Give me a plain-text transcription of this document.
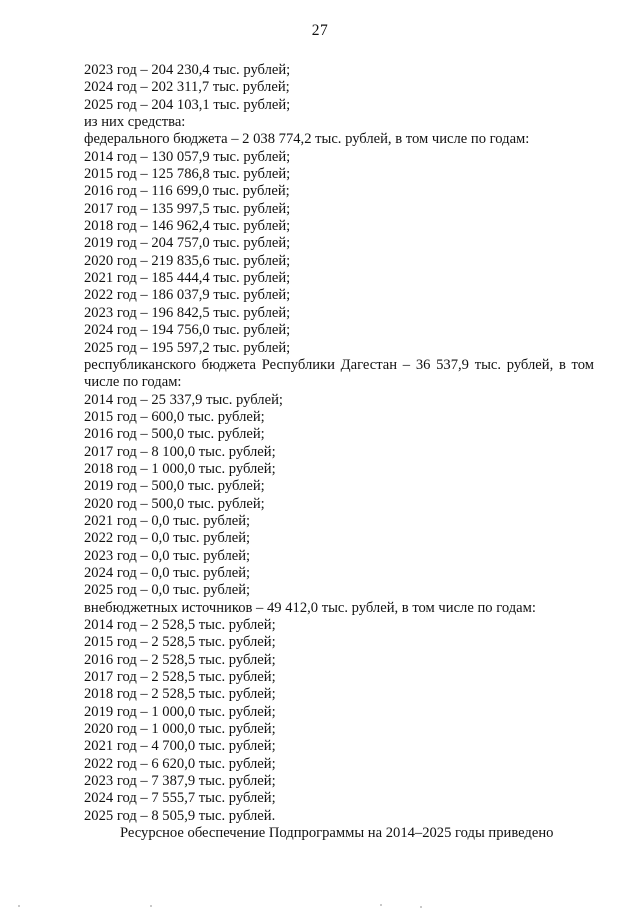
27
2023 год – 204 230,4 тыс. рублей;
2024 год – 202 311,7 тыс. рублей;
2025 год – 204 103,1 тыс. рублей;
из них средства:
федерального бюджета – 2 038 774,2 тыс. рублей, в том числе по годам:
2014 год – 130 057,9 тыс. рублей;
2015 год – 125 786,8 тыс. рублей;
2016 год – 116 699,0 тыс. рублей;
2017 год – 135 997,5 тыс. рублей;
2018 год – 146 962,4 тыс. рублей;
2019 год – 204 757,0 тыс. рублей;
2020 год – 219 835,6 тыс. рублей;
2021 год – 185 444,4 тыс. рублей;
2022 год – 186 037,9 тыс. рублей;
2023 год – 196 842,5 тыс. рублей;
2024 год – 194 756,0 тыс. рублей;
2025 год – 195 597,2 тыс. рублей;
республиканского бюджета Республики Дагестан – 36 537,9 тыс. рублей, в том числе по годам:
2014 год – 25 337,9 тыс. рублей;
2015 год – 600,0 тыс. рублей;
2016 год – 500,0 тыс. рублей;
2017 год – 8 100,0 тыс. рублей;
2018 год – 1 000,0 тыс. рублей;
2019 год – 500,0 тыс. рублей;
2020 год – 500,0 тыс. рублей;
2021 год – 0,0 тыс. рублей;
2022 год – 0,0 тыс. рублей;
2023 год – 0,0 тыс. рублей;
2024 год – 0,0 тыс. рублей;
2025 год – 0,0 тыс. рублей;
внебюджетных источников – 49 412,0 тыс. рублей, в том числе по годам:
2014 год – 2 528,5 тыс. рублей;
2015 год – 2 528,5 тыс. рублей;
2016 год – 2 528,5 тыс. рублей;
2017 год – 2 528,5 тыс. рублей;
2018 год – 2 528,5 тыс. рублей;
2019 год – 1 000,0 тыс. рублей;
2020 год – 1 000,0 тыс. рублей;
2021 год – 4 700,0 тыс. рублей;
2022 год – 6 620,0 тыс. рублей;
2023 год – 7 387,9 тыс. рублей;
2024 год – 7 555,7 тыс. рублей;
2025 год – 8 505,9 тыс. рублей.
Ресурсное обеспечение Подпрограммы на 2014–2025 годы приведено
